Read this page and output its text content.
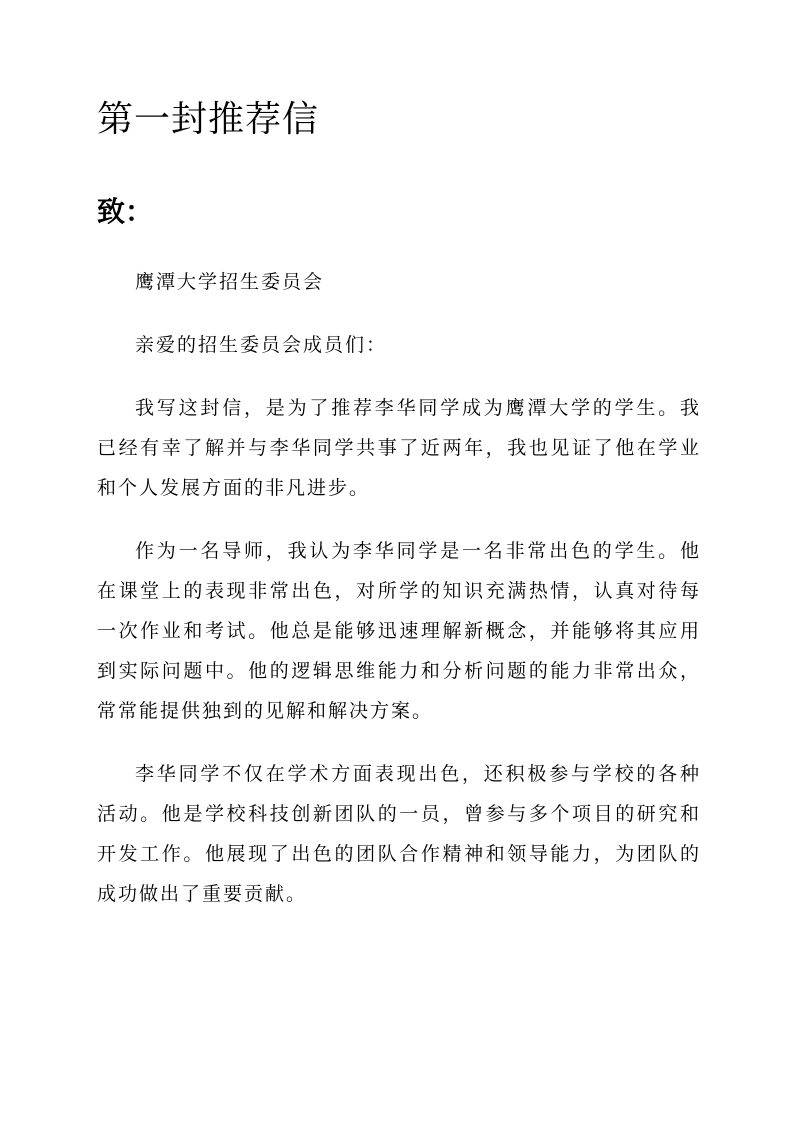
第一封推荐信
致：

鹰潭大学招生委员会

亲爱的招生委员会成员们：

我写这封信，是为了推荐李华同学成为鹰潭大学的学生。我已经有幸了解并与李华同学共事了近两年，我也见证了他在学业和个人发展方面的非凡进步。

作为一名导师，我认为李华同学是一名非常出色的学生。他在课堂上的表现非常出色，对所学的知识充满热情，认真对待每一次作业和考试。他总是能够迅速理解新概念，并能够将其应用到实际问题中。他的逻辑思维能力和分析问题的能力非常出众，常常能提供独到的见解和解决方案。

李华同学不仅在学术方面表现出色，还积极参与学校的各种活动。他是学校科技创新团队的一员，曾参与多个项目的研究和开发工作。他展现了出色的团队合作精神和领导能力，为团队的成功做出了重要贡献。
